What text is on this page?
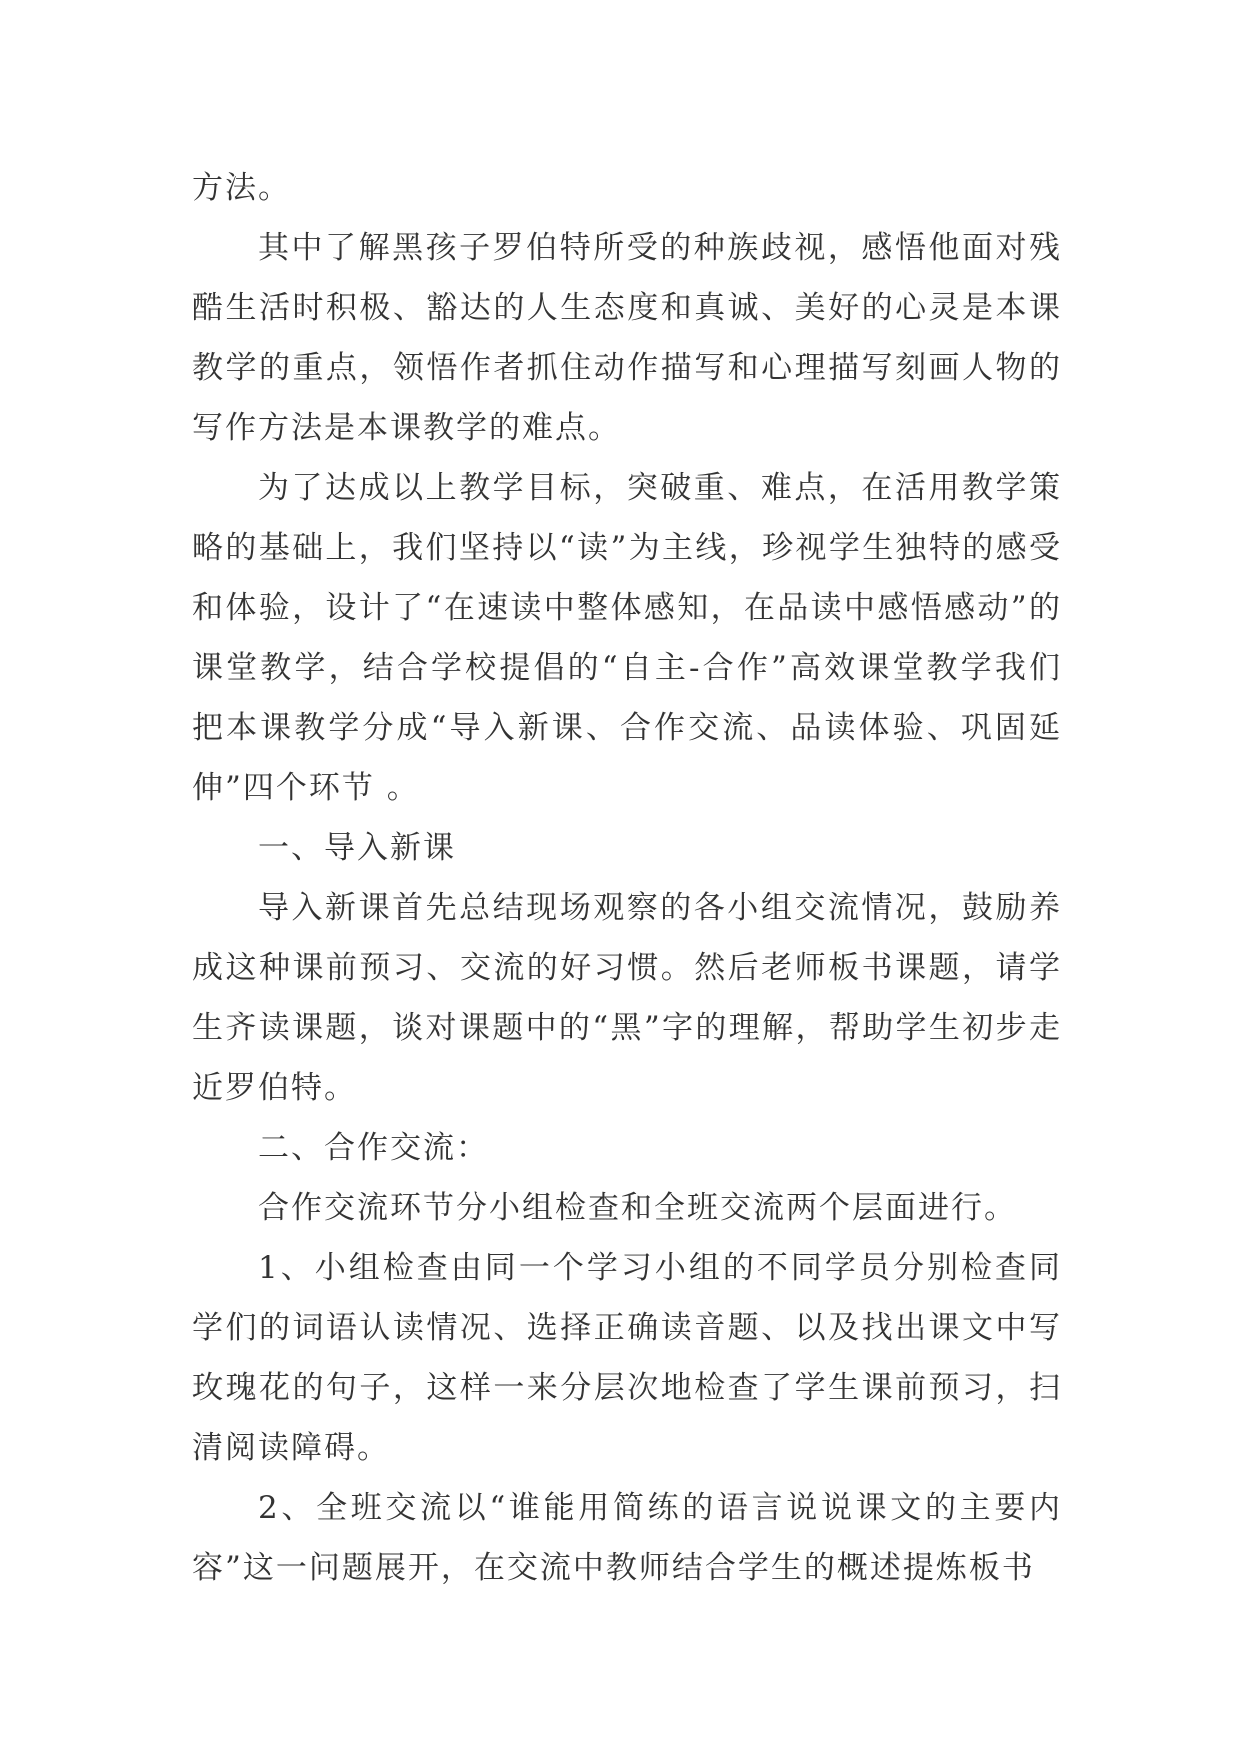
方法。

其中了解黑孩子罗伯特所受的种族歧视，感悟他面对残酷生活时积极、豁达的人生态度和真诚、美好的心灵是本课教学的重点，领悟作者抓住动作描写和心理描写刻画人物的写作方法是本课教学的难点。

为了达成以上教学目标，突破重、难点，在活用教学策略的基础上，我们坚持以“读”为主线，珍视学生独特的感受和体验，设计了“在速读中整体感知，在品读中感悟感动”的课堂教学，结合学校提倡的“自主-合作”高效课堂教学我们把本课教学分成“导入新课、合作交流、品读体验、巩固延伸”四个环节 。

一、导入新课

导入新课首先总结现场观察的各小组交流情况，鼓励养成这种课前预习、交流的好习惯。然后老师板书课题，请学生齐读课题，谈对课题中的“黑”字的理解，帮助学生初步走近罗伯特。

二、合作交流：

合作交流环节分小组检查和全班交流两个层面进行。

1、小组检查由同一个学习小组的不同学员分别检查同学们的词语认读情况、选择正确读音题、以及找出课文中写玫瑰花的句子，这样一来分层次地检查了学生课前预习，扫清阅读障碍。

2、全班交流以“谁能用简练的语言说说课文的主要内容”这一问题展开，在交流中教师结合学生的概述提炼板书
